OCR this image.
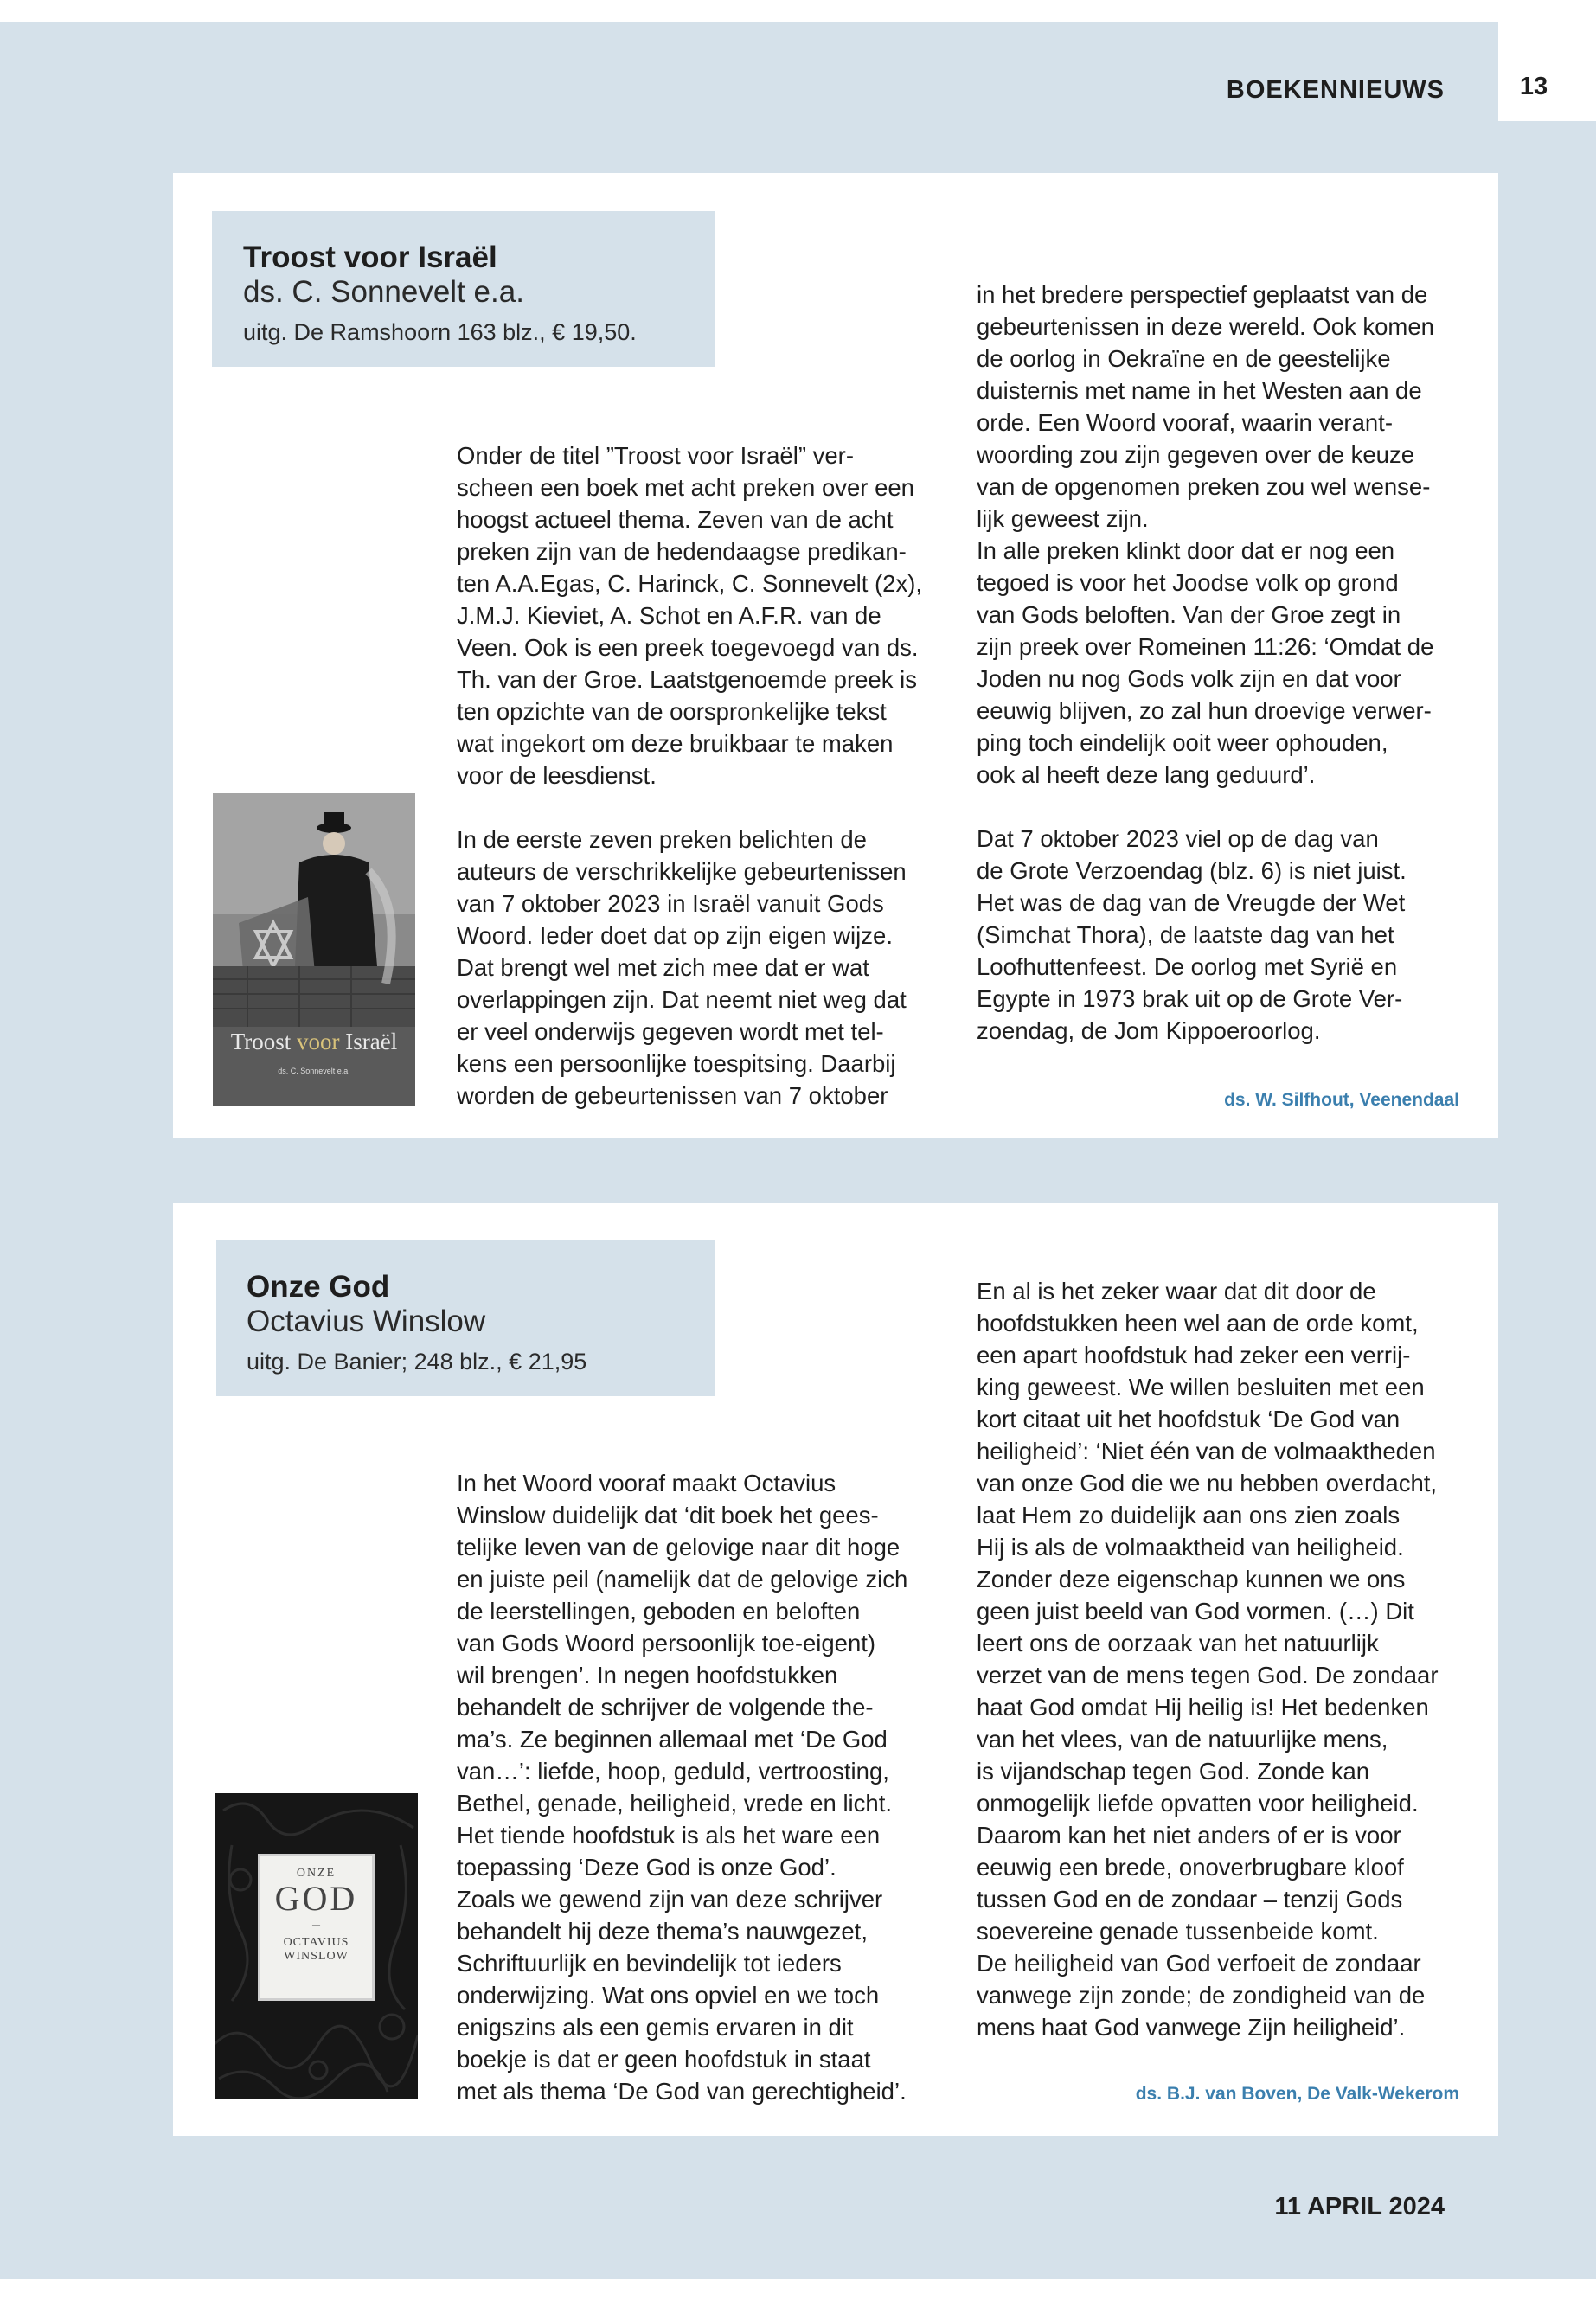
13
BOEKENNIEUWS
Troost voor Israël
ds. C. Sonnevelt e.a.
uitg. De Ramshoorn 163 blz., € 19,50.
Troost voor Israël
ds. C. Sonnevelt e.a.
Onder de titel ”Troost voor Israël” ver-
scheen een boek met acht preken over een
hoogst actueel thema. Zeven van de acht
preken zijn van de hedendaagse predikan-
ten A.A.Egas, C. Harinck, C. Sonnevelt (2x),
J.M.J. Kieviet, A. Schot en A.F.R. van de
Veen. Ook is een preek toegevoegd van ds.
Th. van der Groe. Laatstgenoemde preek is
ten opzichte van de oorspronkelijke tekst
wat ingekort om deze bruikbaar te maken
voor de leesdienst.
In de eerste zeven preken belichten de
auteurs de verschrikkelijke gebeurtenissen
van 7 oktober 2023 in Israël vanuit Gods
Woord. Ieder doet dat op zijn eigen wijze.
Dat brengt wel met zich mee dat er wat
overlappingen zijn. Dat neemt niet weg dat
er veel onderwijs gegeven wordt met tel-
kens een persoonlijke toespitsing. Daarbij
worden de gebeurtenissen van 7 oktober
in het bredere perspectief geplaatst van de
gebeurtenissen in deze wereld. Ook komen
de oorlog in Oekraïne en de geestelijke
duisternis met name in het Westen aan de
orde. Een Woord vooraf, waarin verant-
woording zou zijn gegeven over de keuze
van de opgenomen preken zou wel wense-
lijk geweest zijn.
In alle preken klinkt door dat er nog een
tegoed is voor het Joodse volk op grond
van Gods beloften. Van der Groe zegt in
zijn preek over Romeinen 11:26: ‘Omdat de
Joden nu nog Gods volk zijn en dat voor
eeuwig blijven, zo zal hun droevige verwer-
ping toch eindelijk ooit weer ophouden,
ook al heeft deze lang geduurd’.
Dat 7 oktober 2023 viel op de dag van
de Grote Verzoendag (blz. 6) is niet juist.
Het was de dag van de Vreugde der Wet
(Simchat Thora), de laatste dag van het
Loofhuttenfeest. De oorlog met Syrië en
Egypte in 1973 brak uit op de Grote Ver-
zoendag, de Jom Kippoeroorlog.
ds. W. Silfhout, Veenendaal
Onze God
Octavius Winslow
uitg. De Banier; 248 blz., € 21,95
ONZE
GOD
—
OCTAVIUS
WINSLOW
In het Woord vooraf maakt Octavius
Winslow duidelijk dat ‘dit boek het gees-
telijke leven van de gelovige naar dit hoge
en juiste peil (namelijk dat de gelovige zich
de leerstellingen, geboden en beloften
van Gods Woord persoonlijk toe-eigent)
wil brengen’. In negen hoofdstukken
behandelt de schrijver de volgende the-
ma’s. Ze beginnen allemaal met ‘De God
van…’: liefde, hoop, geduld, vertroosting,
Bethel, genade, heiligheid, vrede en licht.
Het tiende hoofdstuk is als het ware een
toepassing ‘Deze God is onze God’.
Zoals we gewend zijn van deze schrijver
behandelt hij deze thema’s nauwgezet,
Schriftuurlijk en bevindelijk tot ieders
onderwijzing. Wat ons opviel en we toch
enigszins als een gemis ervaren in dit
boekje is dat er geen hoofdstuk in staat
met als thema ‘De God van gerechtigheid’.
En al is het zeker waar dat dit door de
hoofdstukken heen wel aan de orde komt,
een apart hoofdstuk had zeker een verrij-
king geweest. We willen besluiten met een
kort citaat uit het hoofdstuk ‘De God van
heiligheid’: ‘Niet één van de volmaaktheden
van onze God die we nu hebben overdacht,
laat Hem zo duidelijk aan ons zien zoals
Hij is als de volmaaktheid van heiligheid.
Zonder deze eigenschap kunnen we ons
geen juist beeld van God vormen. (…) Dit
leert ons de oorzaak van het natuurlijk
verzet van de mens tegen God. De zondaar
haat God omdat Hij heilig is! Het bedenken
van het vlees, van de natuurlijke mens,
is vijandschap tegen God. Zonde kan
onmogelijk liefde opvatten voor heiligheid.
Daarom kan het niet anders of er is voor
eeuwig een brede, onoverbrugbare kloof
tussen God en de zondaar – tenzij Gods
soevereine genade tussenbeide komt.
De heiligheid van God verfoeit de zondaar
vanwege zijn zonde; de zondigheid van de
mens haat God vanwege Zijn heiligheid’.
ds. B.J. van Boven, De Valk-Wekerom
11 APRIL 2024
